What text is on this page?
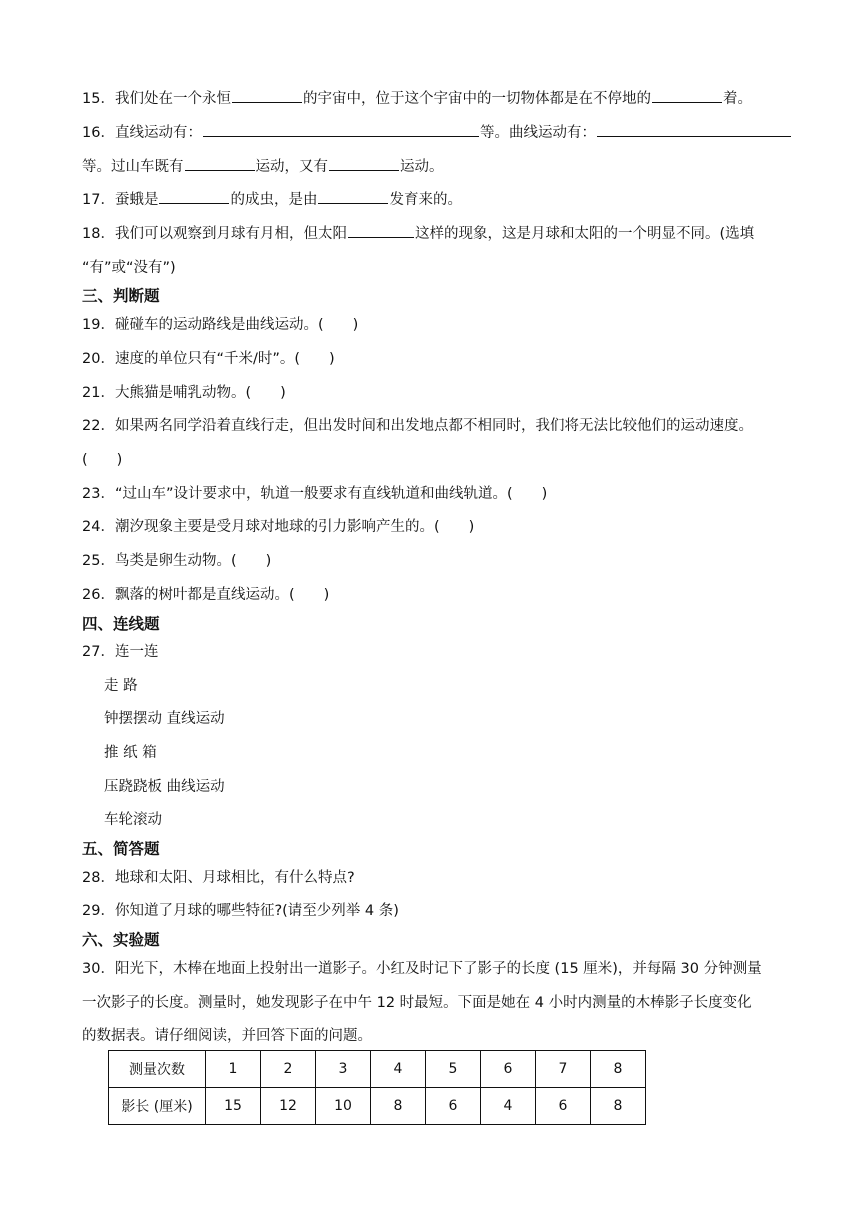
15．我们处在一个永恒	的宇宙中，位于这个宇宙中的一切物体都是在不停地的	着。
16．直线运动有：	等。曲线运动有：
等。过山车既有	运动，又有	运动。
17．蚕蛾是	的成虫，是由	发育来的。
18．我们可以观察到月球有月相，但太阳	这样的现象，这是月球和太阳的一个明显不同。(选填
“有”或“没有”)
三、判断题
19．碰碰车的运动路线是曲线运动。(　　)
20．速度的单位只有“千米/时”。(　　)
21．大熊猫是哺乳动物。(　　)
22．如果两名同学沿着直线行走，但出发时间和出发地点都不相同时，我们将无法比较他们的运动速度。
(　　)
23．“过山车”设计要求中，轨道一般要求有直线轨道和曲线轨道。(　　)
24．潮汐现象主要是受月球对地球的引力影响产生的。(　　)
25．鸟类是卵生动物。(　　)
26．飘落的树叶都是直线运动。(　　)
四、连线题
27．连一连
走 路
钟摆摆动 直线运动
推 纸 箱
压跷跷板 曲线运动
车轮滚动
五、简答题
28．地球和太阳、月球相比，有什么特点?
29．你知道了月球的哪些特征?(请至少列举 4 条)
六、实验题
30．阳光下，木棒在地面上投射出一道影子。小红及时记下了影子的长度 (15 厘米)，并每隔 30 分钟测量
一次影子的长度。测量时，她发现影子在中午 12 时最短。下面是她在 4 小时内测量的木棒影子长度变化
的数据表。请仔细阅读，并回答下面的问题。
测量次数	1	2	3	4	5	6	7	8
影长 (厘米)	15	12	10	8	6	4	6	8
